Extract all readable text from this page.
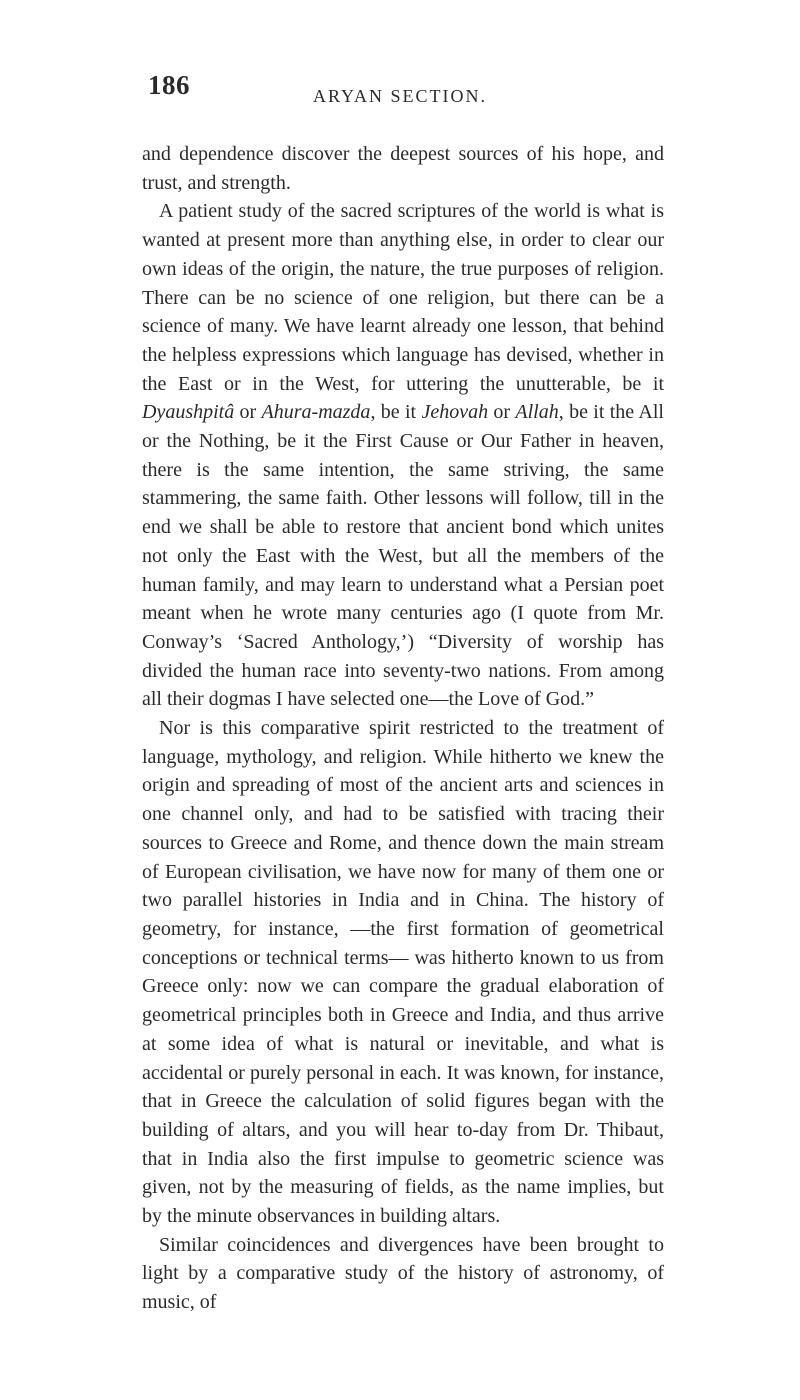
186	ARYAN SECTION.

and dependence discover the deepest sources of his hope, and trust, and strength.

A patient study of the sacred scriptures of the world is what is wanted at present more than anything else, in order to clear our own ideas of the origin, the nature, the true purposes of religion. There can be no science of one religion, but there can be a science of many. We have learnt already one lesson, that behind the helpless expressions which language has devised, whether in the East or in the West, for uttering the unutterable, be it Dyaushpitâ or Ahura-mazda, be it Jehovah or Allah, be it the All or the Nothing, be it the First Cause or Our Father in heaven, there is the same intention, the same striving, the same stammering, the same faith. Other lessons will follow, till in the end we shall be able to restore that ancient bond which unites not only the East with the West, but all the members of the human family, and may learn to understand what a Persian poet meant when he wrote many centuries ago (I quote from Mr. Conway’s ‘Sacred Anthology,’) “Diversity of worship has divided the human race into seventy-two nations. From among all their dogmas I have selected one—the Love of God.”

Nor is this comparative spirit restricted to the treatment of language, mythology, and religion. While hitherto we knew the origin and spreading of most of the ancient arts and sciences in one channel only, and had to be satisfied with tracing their sources to Greece and Rome, and thence down the main stream of European civilisation, we have now for many of them one or two parallel histories in India and in China. The history of geometry, for instance, —the first formation of geometrical conceptions or technical terms— was hitherto known to us from Greece only: now we can compare the gradual elaboration of geometrical principles both in Greece and India, and thus arrive at some idea of what is natural or inevitable, and what is accidental or purely personal in each. It was known, for instance, that in Greece the calculation of solid figures began with the building of altars, and you will hear to-day from Dr. Thibaut, that in India also the first impulse to geometric science was given, not by the measuring of fields, as the name implies, but by the minute observances in building altars.

Similar coincidences and divergences have been brought to light by a comparative study of the history of astronomy, of music, of
